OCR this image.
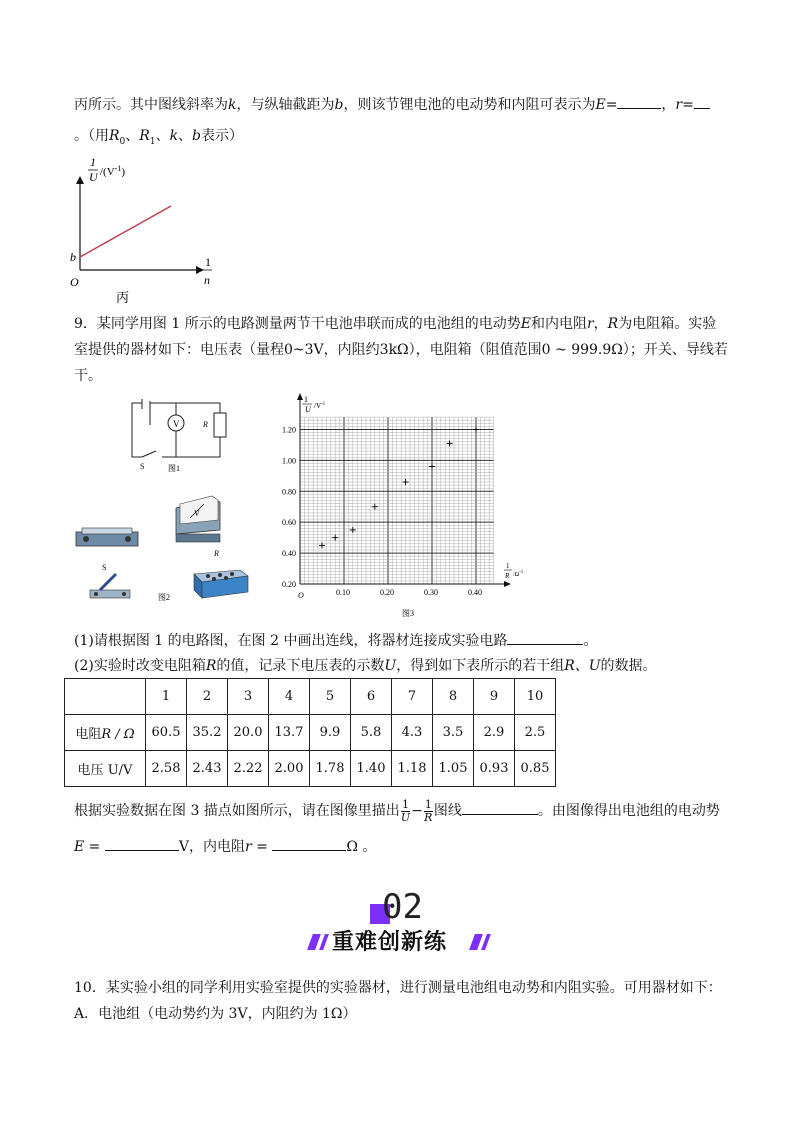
丙所示。其中图线斜率为k，与纵轴截距为b，则该节锂电池的电动势和内阻可表示为E=	，r=
。（用$R_0$、$R_1$、k、b表示）
1
U $/(V^{-1})$
b
O
1
n
丙
9．某同学用图 1 所示的电路测量两节干电池串联而成的电池组的电动势E和内电阻r，R为电阻箱。实验
室提供的器材如下：电压表（量程0~3V，内阻约3kΩ），电阻箱（阻值范围0 ~ 999.9Ω）；开关、导线若
干。
V	R
S	图1
V
R
S
图2
0.10	0.20	0.30	0.40
0.20
0.40
0.60
0.80
1.00
1.20
1
U $/V^{-1}$
1
R $/\Omega^{-1}$
O
图3
(1)请根据图 1 的电路图，在图 2 中画出连线，将器材连接成实验电路	。
(2)实验时改变电阻箱R的值，记录下电压表的示数U，得到如下表所示的若干组R、U的数据。
	1	2	3	4	5	6	7	8	9	10
电阻R / Ω	60.5	35.2	20.0	13.7	9.9	5.8	4.3	3.5	2.9	2.5
电压 U/V	2.58	2.43	2.22	2.00	1.78	1.40	1.18	1.05	0.93	0.85
根据实验数据在图 3 描点如图所示，请在图像里描出 $\frac{1}{U} - \frac{1}{R}$ 图线	。由图像得出电池组的电动势
E =	V，内电阻r =	Ω 。
02
重难创新练
10．某实验小组的同学利用实验室提供的实验器材，进行测量电池组电动势和内阻实验。可用器材如下：
A．电池组（电动势约为 3V，内阻约为 1Ω）
